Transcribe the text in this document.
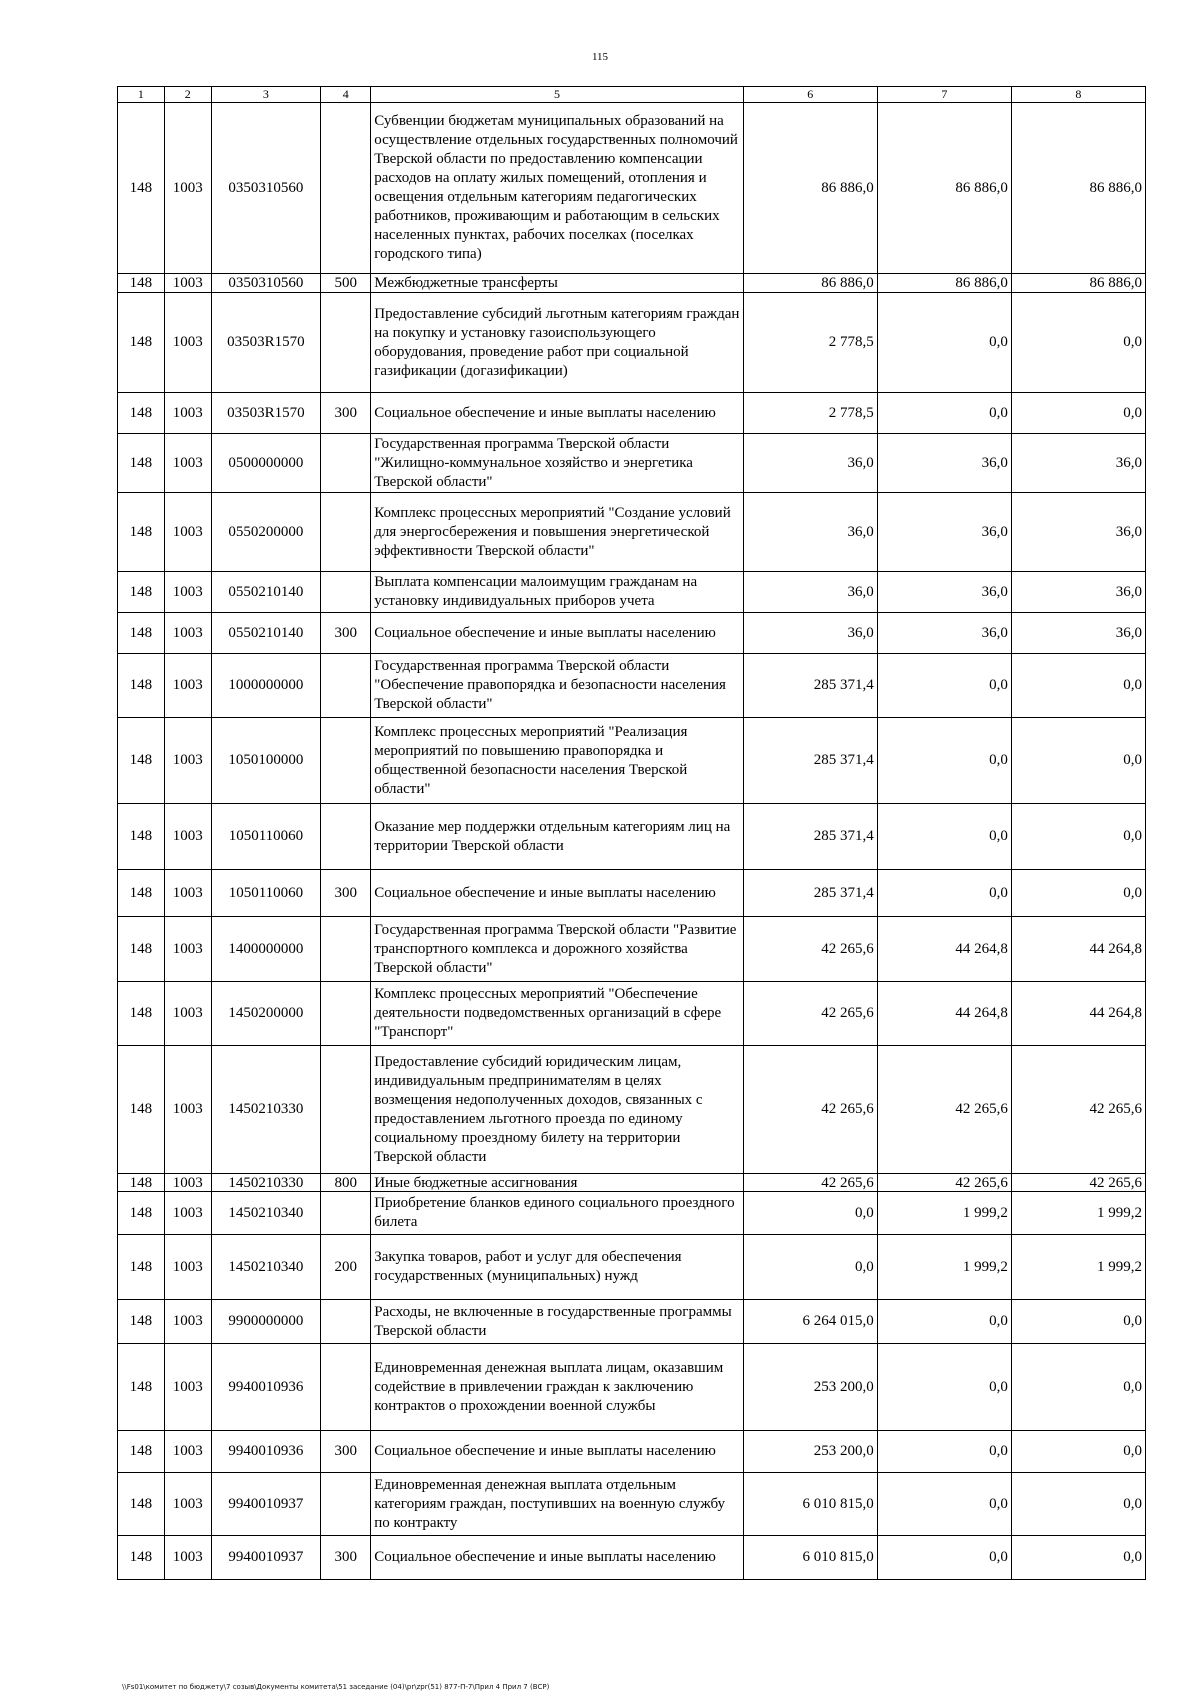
115
1	2	3	4	5	6	7	8
148	1003	0350310560		Субвенции бюджетам муниципальных образований на осуществление отдельных государственных полномочий Тверской области по предоставлению компенсации расходов на оплату жилых помещений, отопления и освещения отдельным категориям педагогических работников, проживающим и работающим в сельских населенных пунктах, рабочих поселках (поселках городского типа)	86 886,0	86 886,0	86 886,0
148	1003	0350310560	500	Межбюджетные трансферты	86 886,0	86 886,0	86 886,0
148	1003	03503R1570		Предоставление субсидий льготным категориям граждан на покупку и установку газоиспользующего оборудования, проведение работ при социальной газификации (догазификации)	2 778,5	0,0	0,0
148	1003	03503R1570	300	Социальное обеспечение и иные выплаты населению	2 778,5	0,0	0,0
148	1003	0500000000		Государственная программа Тверской области "Жилищно-коммунальное хозяйство и энергетика Тверской области"	36,0	36,0	36,0
148	1003	0550200000		Комплекс процессных мероприятий "Создание условий для энергосбережения и повышения энергетической эффективности Тверской области"	36,0	36,0	36,0
148	1003	0550210140		Выплата компенсации малоимущим гражданам на установку индивидуальных приборов учета	36,0	36,0	36,0
148	1003	0550210140	300	Социальное обеспечение и иные выплаты населению	36,0	36,0	36,0
148	1003	1000000000		Государственная программа Тверской области "Обеспечение правопорядка и безопасности населения Тверской области"	285 371,4	0,0	0,0
148	1003	1050100000		Комплекс процессных мероприятий "Реализация мероприятий по повышению правопорядка и общественной безопасности населения Тверской области"	285 371,4	0,0	0,0
148	1003	1050110060		Оказание мер поддержки отдельным категориям лиц на территории Тверской области	285 371,4	0,0	0,0
148	1003	1050110060	300	Социальное обеспечение и иные выплаты населению	285 371,4	0,0	0,0
148	1003	1400000000		Государственная программа Тверской области "Развитие транспортного комплекса и дорожного хозяйства Тверской области"	42 265,6	44 264,8	44 264,8
148	1003	1450200000		Комплекс процессных мероприятий "Обеспечение деятельности подведомственных организаций в сфере "Транспорт"	42 265,6	44 264,8	44 264,8
148	1003	1450210330		Предоставление субсидий юридическим лицам, индивидуальным предпринимателям в целях возмещения недополученных доходов, связанных с предоставлением льготного проезда по единому социальному проездному билету на территории Тверской области	42 265,6	42 265,6	42 265,6
148	1003	1450210330	800	Иные бюджетные ассигнования	42 265,6	42 265,6	42 265,6
148	1003	1450210340		Приобретение бланков единого социального проездного билета	0,0	1 999,2	1 999,2
148	1003	1450210340	200	Закупка товаров, работ и услуг для обеспечения государственных (муниципальных) нужд	0,0	1 999,2	1 999,2
148	1003	9900000000		Расходы, не включенные в государственные программы Тверской области	6 264 015,0	0,0	0,0
148	1003	9940010936		Единовременная денежная выплата лицам, оказавшим содействие в привлечении граждан к заключению контрактов о прохождении военной службы	253 200,0	0,0	0,0
148	1003	9940010936	300	Социальное обеспечение и иные выплаты населению	253 200,0	0,0	0,0
148	1003	9940010937		Единовременная денежная выплата отдельным категориям граждан, поступивших на военную службу по контракту	6 010 815,0	0,0	0,0
148	1003	9940010937	300	Социальное обеспечение и иные выплаты населению	6 010 815,0	0,0	0,0
\\Fs01\комитет по бюджету\7 созыв\Документы комитета\51 заседание (04)\pr\zpr(51) 877-П-7\Прил 4 Прил 7 (ВСР)
